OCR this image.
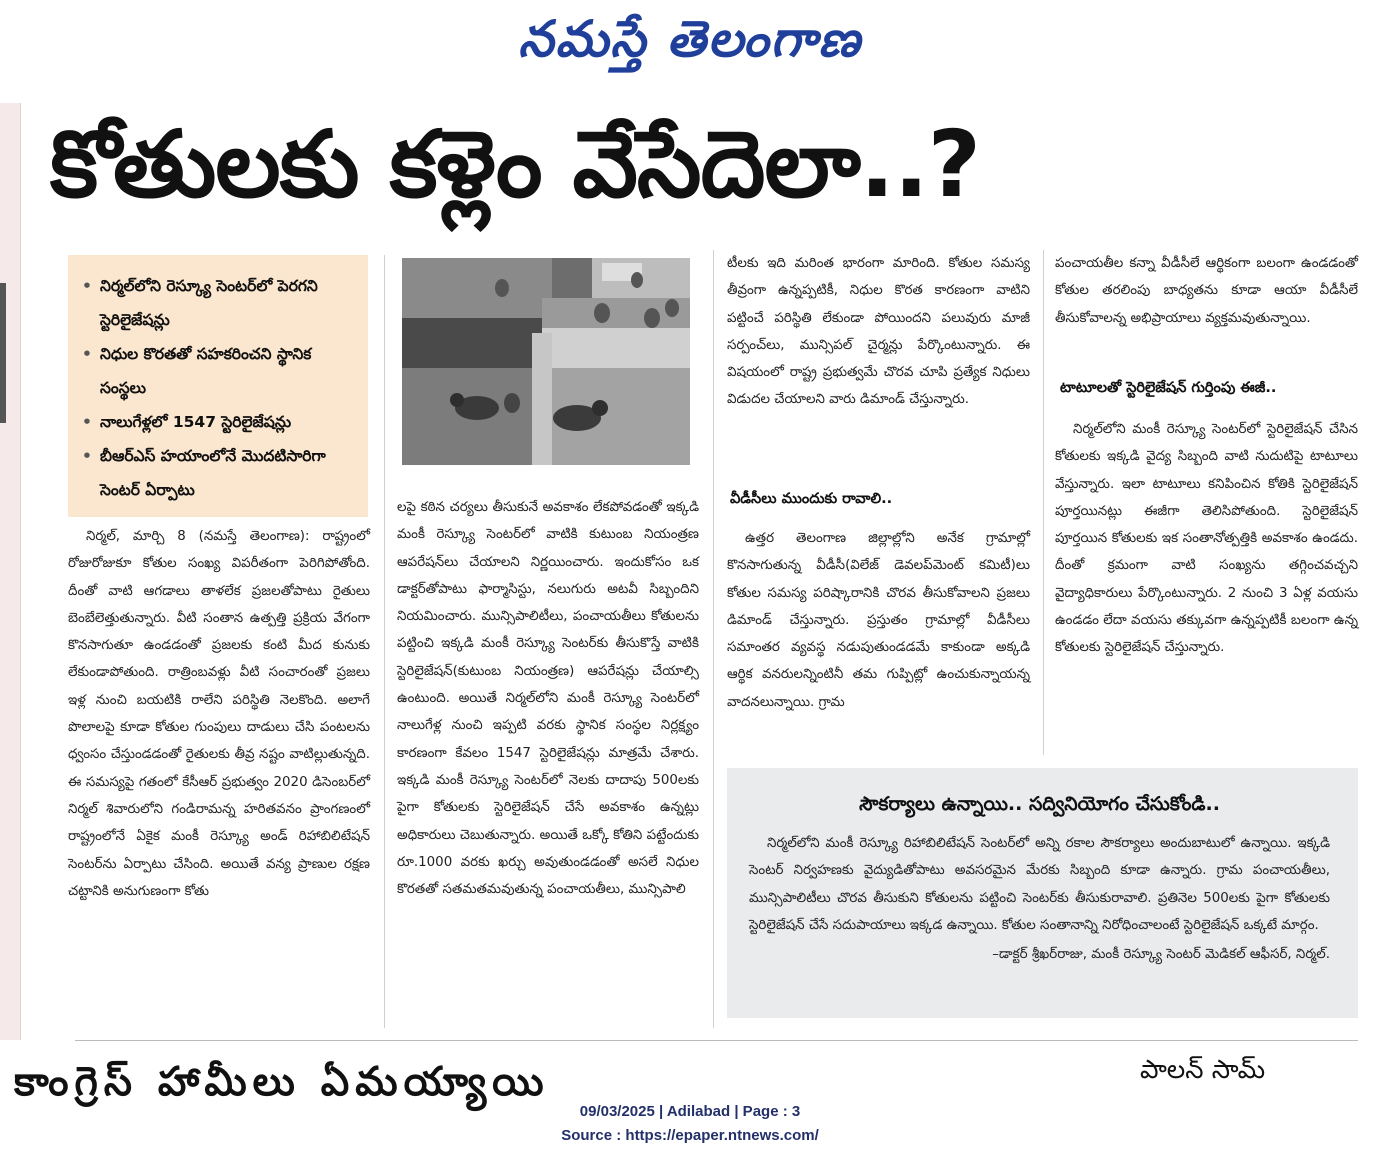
నమస్తే తెలంగాణ
కోతులకు కళ్లెం వేసేదెలా..?
• నిర్మల్‌లోని రెస్క్యూ సెంటర్‌లో పెరగని స్టెరిలైజేషన్లు
• నిధుల కొరతతో సహకరించని స్థానిక సంస్థలు
• నాలుగేళ్లలో 1547 స్టెరిలైజేషన్లు
• బీఆర్‌ఎస్ హయాంలోనే మొదటిసారిగా సెంటర్ ఏర్పాటు

నిర్మల్, మార్చి 8 (నమస్తే తెలంగాణ): రాష్ట్రంలో రోజురోజుకూ కోతుల సంఖ్య విపరీతంగా పెరిగిపోతోంది. దీంతో వాటి ఆగడాలు తాళలేక ప్రజలతోపాటు రైతులు బెంబేలెత్తుతున్నారు. వీటి సంతాన ఉత్పత్తి ప్రక్రియ వేగంగా కొనసాగుతూ ఉండడంతో ప్రజలకు కంటి మీద కునుకు లేకుండాపోతుంది. రాత్రింబవళ్లు వీటి సంచారంతో ప్రజలు ఇళ్ల నుంచి బయటికి రాలేని పరిస్థితి నెలకొంది. అలాగే పొలాలపై కూడా కోతుల గుంపులు దాడులు చేసి పంటలను ధ్వంసం చేస్తుండడంతో రైతులకు తీవ్ర నష్టం వాటిల్లుతున్నది. ఈ సమస్యపై గతంలో కేసీఆర్ ప్రభుత్వం 2020 డిసెంబర్‌లో నిర్మల్ శివారులోని గండిరామన్న హరితవనం ప్రాంగణంలో రాష్ట్రంలోనే ఏకైక మంకీ రెస్క్యూ అండ్ రిహాబిలిటేషన్ సెంటర్‌ను ఏర్పాటు చేసింది. అయితే వన్య ప్రాణుల రక్షణ చట్టానికి అనుగుణంగా కోతు

లపై కఠిన చర్యలు తీసుకునే అవకాశం లేకపోవడంతో ఇక్కడి మంకీ రెస్క్యూ సెంటర్‌లో వాటికి కుటుంబ నియంత్రణ ఆపరేషన్‌లు చేయాలని నిర్ణయించారు. ఇందుకోసం ఒక డాక్టర్‌తోపాటు ఫార్మాసిస్టు, నలుగురు అటవీ సిబ్బందిని నియమించారు. మున్సిపాలిటీలు, పంచాయతీలు కోతులను పట్టించి ఇక్కడి మంకీ రెస్క్యూ సెంటర్‌కు తీసుకొస్తే వాటికి స్టెరిలైజేషన్(కుటుంబ నియంత్రణ) ఆపరేషన్లు చేయాల్సి ఉంటుంది. అయితే నిర్మల్‌లోని మంకీ రెస్క్యూ సెంటర్‌లో నాలుగేళ్ల నుంచి ఇప్పటి వరకు స్థానిక సంస్థల నిర్లక్ష్యం కారణంగా కేవలం 1547 స్టెరిలైజేషన్లు మాత్రమే చేశారు. ఇక్కడి మంకీ రెస్క్యూ సెంటర్‌లో నెలకు దాదాపు 500లకు పైగా కోతులకు స్టెరిలైజేషన్ చేసే అవకాశం ఉన్నట్లు అధికారులు చెబుతున్నారు. అయితే ఒక్కో కోతిని పట్టేందుకు రూ.1000 వరకు ఖర్చు అవుతుండడంతో అసలే నిధుల కొరతతో సతమతమవుతున్న పంచాయతీలు, మున్సిపాలి

టీలకు ఇది మరింత భారంగా మారింది. కోతుల సమస్య తీవ్రంగా ఉన్నప్పటికీ, నిధుల కొరత కారణంగా వాటిని పట్టించే పరిస్థితి లేకుండా పోయిందని పలువురు మాజీ సర్పంచ్‌లు, మున్సిపల్ చైర్మన్లు పేర్కొంటున్నారు. ఈ విషయంలో రాష్ట్ర ప్రభుత్వమే చొరవ చూపి ప్రత్యేక నిధులు విడుదల చేయాలని వారు డిమాండ్ చేస్తున్నారు.

వీడీసీలు ముందుకు రావాలి..

ఉత్తర తెలంగాణ జిల్లాల్లోని అనేక గ్రామాల్లో కొనసాగుతున్న వీడీసీ(విలేజ్ డెవలప్‌మెంట్ కమిటీ)లు కోతుల సమస్య పరిష్కారానికి చొరవ తీసుకోవాలని ప్రజలు డిమాండ్ చేస్తున్నారు. ప్రస్తుతం గ్రామాల్లో వీడీసీలు సమాంతర వ్యవస్థ నడుపుతుండడమే కాకుండా అక్కడి ఆర్థిక వనరులన్నింటినీ తమ గుప్పిట్లో ఉంచుకున్నాయన్న వాదనలున్నాయి. గ్రామ

పంచాయతీల కన్నా వీడీసీలే ఆర్థికంగా బలంగా ఉండడంతో కోతుల తరలింపు బాధ్యతను కూడా ఆయా వీడీసీలే తీసుకోవాలన్న అభిప్రాయాలు వ్యక్తమవుతున్నాయి.

టాటూలతో స్టెరిలైజేషన్ గుర్తింపు ఈజీ..

నిర్మల్‌లోని మంకీ రెస్క్యూ సెంటర్‌లో స్టెరిలైజేషన్ చేసిన కోతులకు ఇక్కడి వైద్య సిబ్బంది వాటి నుదుటిపై టాటూలు వేస్తున్నారు. ఇలా టాటూలు కనిపించిన కోతికి స్టెరిలైజేషన్ పూర్తయినట్లు ఈజీగా తెలిసిపోతుంది. స్టెరిలైజేషన్ పూర్తయిన కోతులకు ఇక సంతానోత్పత్తికి అవకాశం ఉండదు. దీంతో క్రమంగా వాటి సంఖ్యను తగ్గించవచ్చని వైద్యాధికారులు పేర్కొంటున్నారు. 2 నుంచి 3 ఏళ్ల వయసు ఉండడం లేదా వయసు తక్కువగా ఉన్నప్పటికీ బలంగా ఉన్న కోతులకు స్టెరిలైజేషన్ చేస్తున్నారు.

సౌకర్యాలు ఉన్నాయి.. సద్వినియోగం చేసుకోండి..

నిర్మల్‌లోని మంకీ రెస్క్యూ రిహాబిలిటేషన్ సెంటర్‌లో అన్ని రకాల సౌకర్యాలు అందుబాటులో ఉన్నాయి. ఇక్కడి సెంటర్ నిర్వహణకు వైద్యుడితోపాటు అవసరమైన మేరకు సిబ్బంది కూడా ఉన్నారు. గ్రామ పంచాయతీలు, మున్సిపాలిటీలు చొరవ తీసుకుని కోతులను పట్టించి సెంటర్‌కు తీసుకురావాలి. ప్రతినెల 500లకు పైగా కోతులకు స్టెరిలైజేషన్ చేసే సదుపాయాలు ఇక్కడ ఉన్నాయి. కోతుల సంతానాన్ని నిరోధించాలంటే స్టెరిలైజేషన్ ఒక్కటే మార్గం.

–డాక్టర్ శ్రీఖర్‌రాజు, మంకీ రెస్క్యూ సెంటర్ మెడికల్ ఆఫీసర్, నిర్మల్.
కాంగ్రెస్ హామీలు ఏమయ్యాయి	పాలన్ సామ్
09/03/2025 | Adilabad | Page : 3
Source : https://epaper.ntnews.com/
